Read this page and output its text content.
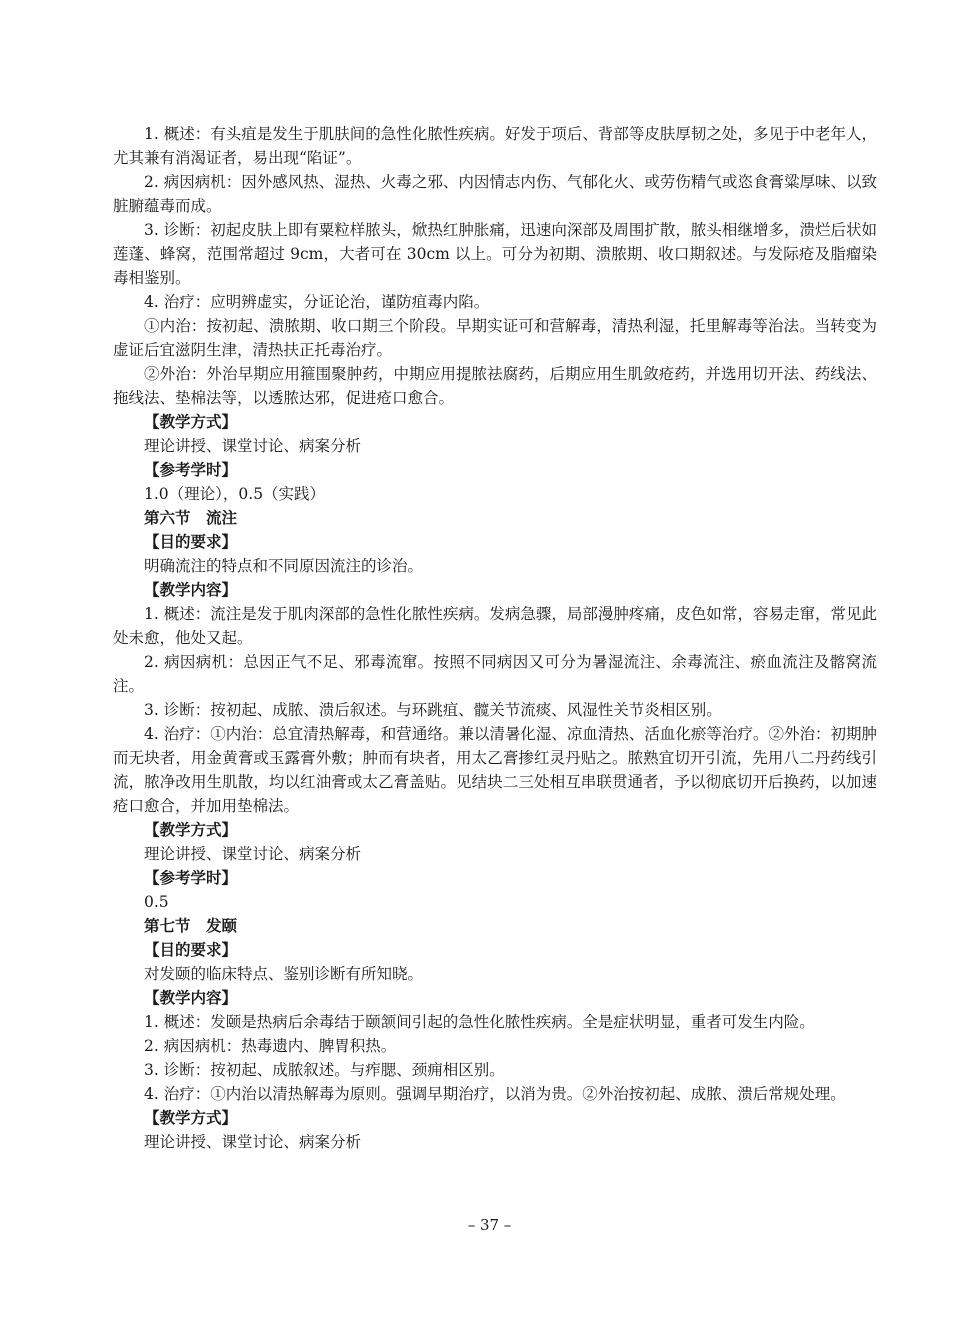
1. 概述：有头疽是发生于肌肤间的急性化脓性疾病。好发于项后、背部等皮肤厚韧之处，多见于中老年人，尤其兼有消渴证者，易出现“陷证”。

2. 病因病机：因外感风热、湿热、火毒之邪、内因情志内伤、气郁化火、或劳伤精气或恣食膏粱厚味、以致脏腑蕴毒而成。

3. 诊断：初起皮肤上即有粟粒样脓头，焮热红肿胀痛，迅速向深部及周围扩散，脓头相继增多，溃烂后状如莲蓬、蜂窝，范围常超过 9cm，大者可在 30cm 以上。可分为初期、溃脓期、收口期叙述。与发际疮及脂瘤染毒相鉴别。

4. 治疗：应明辨虚实，分证论治，谨防疽毒内陷。

①内治：按初起、溃脓期、收口期三个阶段。早期实证可和营解毒，清热利湿，托里解毒等治法。当转变为虚证后宜滋阴生津，清热扶正托毒治疗。

②外治：外治早期应用箍围聚肿药，中期应用提脓祛腐药，后期应用生肌敛疮药，并选用切开法、药线法、拖线法、垫棉法等，以透脓达邪，促进疮口愈合。

【教学方式】

理论讲授、课堂讨论、病案分析

【参考学时】

1.0（理论），0.5（实践）

第六节　流注

【目的要求】

明确流注的特点和不同原因流注的诊治。

【教学内容】

1. 概述：流注是发于肌肉深部的急性化脓性疾病。发病急骤，局部漫肿疼痛，皮色如常，容易走窜，常见此处未愈，他处又起。

2. 病因病机：总因正气不足、邪毒流窜。按照不同病因又可分为暑湿流注、余毒流注、瘀血流注及髂窝流注。

3. 诊断：按初起、成脓、溃后叙述。与环跳疽、髋关节流痰、风湿性关节炎相区别。

4. 治疗：①内治：总宜清热解毒，和营通络。兼以清暑化湿、凉血清热、活血化瘀等治疗。②外治：初期肿而无块者，用金黄膏或玉露膏外敷；肿而有块者，用太乙膏掺红灵丹贴之。脓熟宜切开引流，先用八二丹药线引流，脓净改用生肌散，均以红油膏或太乙膏盖贴。见结块二三处相互串联贯通者，予以彻底切开后换药，以加速疮口愈合，并加用垫棉法。

【教学方式】

理论讲授、课堂讨论、病案分析

【参考学时】

0.5

第七节　发颐

【目的要求】

对发颐的临床特点、鉴别诊断有所知晓。

【教学内容】

1. 概述：发颐是热病后余毒结于颐颔间引起的急性化脓性疾病。全是症状明显，重者可发生内险。

2. 病因病机：热毒遗内、脾胃积热。

3. 诊断：按初起、成脓叙述。与痄腮、颈痈相区别。

4. 治疗：①内治以清热解毒为原则。强调早期治疗，以消为贵。②外治按初起、成脓、溃后常规处理。

【教学方式】

理论讲授、课堂讨论、病案分析

– 37 –
